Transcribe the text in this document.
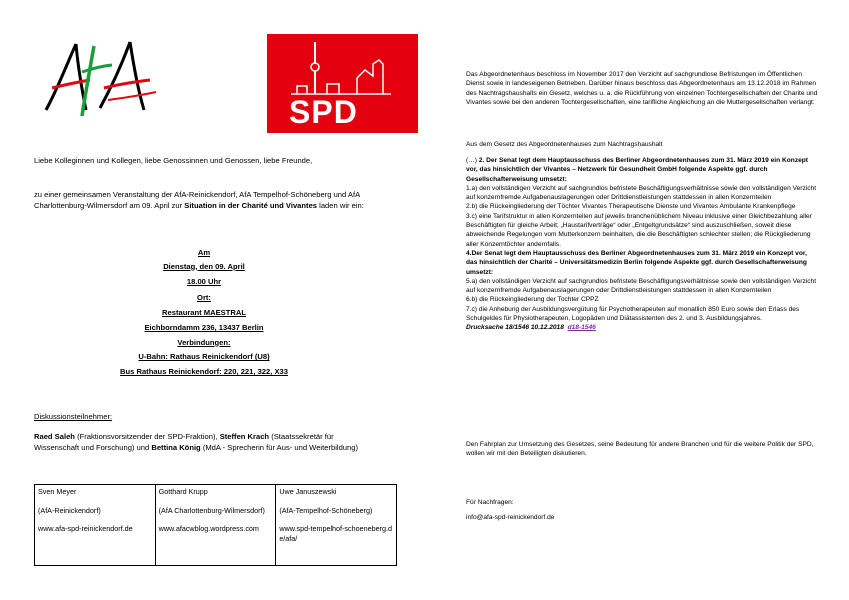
SPD
Liebe Kolleginnen und Kollegen, liebe Genossinnen und Genossen, liebe Freunde,
zu einer gemeinsamen Veranstaltung der AfA-Reinickendorf, AfA Tempelhof-Schöneberg und AfA Charlottenburg-Wilmersdorf am 09. April zur Situation in der Charité und Vivantes laden wir ein:
Am
Dienstag, den 09. April
18.00 Uhr
Ort:
Restaurant MAESTRAL
Eichborndamm 236, 13437 Berlin
Verbindungen:
U-Bahn: Rathaus Reinickendorf (U8)
Bus Rathaus Reinickendorf: 220, 221, 322, X33
Diskussionsteilnehmer:
Raed Saleh (Fraktionsvorsitzender der SPD-Fraktion), Steffen Krach (Staatssekretär für Wissenschaft und Forschung) und Bettina König (MdA - Sprecherin für Aus- und Weiterbildung)
Sven Meyer
(AfA-Reinickendorf)
www.afa-spd-reinickendorf.de

Gotthard Krupp
(AfA Charlottenburg-Wilmersdorf)
www.afacwblog.wordpress.com

Uwe Januszewski
(AfA-Tempelhof-Schöneberg)
www.spd-tempelhof-schoeneberg.de/afa/
Das Abgeordnetenhaus beschloss im November 2017 den Verzicht auf sachgrundlose Befristungen im Öffentlichen Dienst sowie in landeseigenen Betrieben. Darüber hinaus beschloss das Abgeordnetenhaus am 13.12.2018 im Rahmen des Nachtragshaushalts ein Gesetz, welches u. a. die Rückführung von einzelnen Tochtergesellschaften der Charite und Vivantes sowie bei den anderen Tochtergesellschaften, eine tarifliche Angleichung an die Muttergesellschaften verlangt:
Aus dem Gesetz des Abgeordnetenhauses zum Nachtragshaushalt
(…) 2. Der Senat legt dem Hauptausschuss des Berliner Abgeordnetenhauses zum 31. März 2019 ein Konzept vor, das hinsichtlich der Vivantes – Netzwerk für Gesundheit GmbH folgende Aspekte ggf. durch Gesellschafterweisung umsetzt:
1.a) den vollständigen Verzicht auf sachgrundlos befristete Beschäftigungsverhältnisse sowie den vollständigen Verzicht auf konzernfremde Aufgabenauslagerungen oder Drittdienstleistungen stattdessen in allen Konzernteilen
2.b) die Rückeingliederung der Töchter Vivantes Therapeutische Dienste und Vivantes Ambulante Krankenpflege
3.c) eine Tarifstruktur in allen Konzernteilen auf jeweils branchenüblichem Niveau inklusive einer Gleichbezahlung aller Beschäftigten für gleiche Arbeit; „Haustarifverträge“ oder „Entgeltgrundsätze“ sind auszuschließen, soweit diese abweichende Regelungen vom Mutterkonzern beinhalten, die die Beschäftigten schlechter stellen; die Rückgliederung aller Konzerntöchter andernfalls.
4.Der Senat legt dem Hauptausschuss des Berliner Abgeordnetenhauses zum 31. März 2019 ein Konzept vor, das hinsichtlich der Charité – Universitätsmedizin Berlin folgende Aspekte ggf. durch Gesellschafterweisung umsetzt:
5.a) den vollständigen Verzicht auf sachgrundlos befristete Beschäftigungsverhältnisse sowie den vollständigen Verzicht auf konzernfremde Aufgabenauslagerungen oder Drittdienstleistungen stattdessen in allen Konzernteilen
6.b) die Rückeingliederung der Tochter CPPZ
7.c) die Anhebung der Ausbildungsvergütung für Psychotherapeuten auf monatlich 850 Euro sowie den Erlass des Schulgeldes für Physiotherapeuten, Logopäden und Diätassistenten des 2. und 3. Ausbildungsjahres.
Drucksache 18/1546 10.12.2018 d18-1546
Den Fahrplan zur Umsetzung des Gesetzes, seine Bedeutung für andere Branchen und für die weitere Politik der SPD, wollen wir mit den Beteiligten diskutieren.
Für Nachfragen:
info@afa-spd-reinickendorf.de
